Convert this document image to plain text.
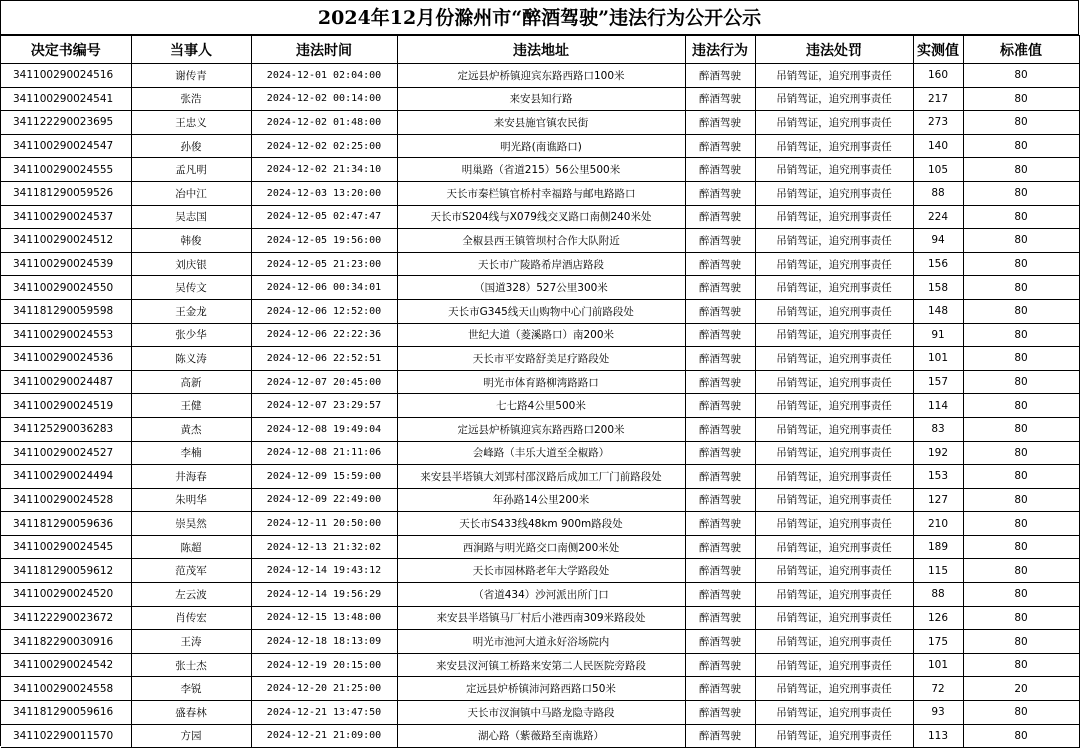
2024年12月份滁州市“醉酒驾驶”违法行为公开公示
决定书编号	当事人	违法时间	违法地址	违法行为	违法处罚	实测值	标准值
341100290024516	谢传青	2024-12-01 02:04:00	定远县炉桥镇迎宾东路西路口100米	醉酒驾驶	吊销驾证，追究刑事责任	160	80
341100290024541	张浩	2024-12-02 00:14:00	来安县知行路	醉酒驾驶	吊销驾证，追究刑事责任	217	80
341122290023695	王忠义	2024-12-02 01:48:00	来安县施官镇农民街	醉酒驾驶	吊销驾证，追究刑事责任	273	80
341100290024547	孙俊	2024-12-02 02:25:00	明光路(南谯路口)	醉酒驾驶	吊销驾证，追究刑事责任	140	80
341100290024555	孟凡明	2024-12-02 21:34:10	明巢路（省道215）56公里500米	醉酒驾驶	吊销驾证，追究刑事责任	105	80
341181290059526	冶中江	2024-12-03 13:20:00	天长市秦栏镇官桥村幸福路与邮电路路口	醉酒驾驶	吊销驾证，追究刑事责任	88	80
341100290024537	吴志国	2024-12-05 02:47:47	天长市S204线与X079线交叉路口南侧240米处	醉酒驾驶	吊销驾证，追究刑事责任	224	80
341100290024512	韩俊	2024-12-05 19:56:00	全椒县西王镇管坝村合作大队附近	醉酒驾驶	吊销驾证，追究刑事责任	94	80
341100290024539	刘庆银	2024-12-05 21:23:00	天长市广陵路希岸酒店路段	醉酒驾驶	吊销驾证，追究刑事责任	156	80
341100290024550	吴传文	2024-12-06 00:34:01	（国道328）527公里300米	醉酒驾驶	吊销驾证，追究刑事责任	158	80
341181290059598	王金龙	2024-12-06 12:52:00	天长市G345线天山购物中心门前路段处	醉酒驾驶	吊销驾证，追究刑事责任	148	80
341100290024553	张少华	2024-12-06 22:22:36	世纪大道（菱溪路口）南200米	醉酒驾驶	吊销驾证，追究刑事责任	91	80
341100290024536	陈义涛	2024-12-06 22:52:51	天长市平安路舒美足疗路段处	醉酒驾驶	吊销驾证，追究刑事责任	101	80
341100290024487	高新	2024-12-07 20:45:00	明光市体育路柳湾路路口	醉酒驾驶	吊销驾证，追究刑事责任	157	80
341100290024519	王健	2024-12-07 23:29:57	七七路4公里500米	醉酒驾驶	吊销驾证，追究刑事责任	114	80
341125290036283	黄杰	2024-12-08 19:49:04	定远县炉桥镇迎宾东路西路口200米	醉酒驾驶	吊销驾证，追究刑事责任	83	80
341100290024527	李楠	2024-12-08 21:11:06	会峰路（丰乐大道至全椒路）	醉酒驾驶	吊销驾证，追究刑事责任	192	80
341100290024494	井海春	2024-12-09 15:59:00	来安县半塔镇大刘郢村邵汊路后成加工厂门前路段处	醉酒驾驶	吊销驾证，追究刑事责任	153	80
341100290024528	朱明华	2024-12-09 22:49:00	年孙路14公里200米	醉酒驾驶	吊销驾证，追究刑事责任	127	80
341181290059636	崇昊然	2024-12-11 20:50:00	天长市S433线48km 900m路段处	醉酒驾驶	吊销驾证，追究刑事责任	210	80
341100290024545	陈超	2024-12-13 21:32:02	西涧路与明光路交口南侧200米处	醉酒驾驶	吊销驾证，追究刑事责任	189	80
341181290059612	范茂军	2024-12-14 19:43:12	天长市园林路老年大学路段处	醉酒驾驶	吊销驾证，追究刑事责任	115	80
341100290024520	左云波	2024-12-14 19:56:29	（省道434）沙河派出所门口	醉酒驾驶	吊销驾证，追究刑事责任	88	80
341122290023672	肖传宏	2024-12-15 13:48:00	来安县半塔镇马厂村后小港西南309米路段处	醉酒驾驶	吊销驾证，追究刑事责任	126	80
341182290030916	王涛	2024-12-18 18:13:09	明光市池河大道永好浴场院内	醉酒驾驶	吊销驾证，追究刑事责任	175	80
341100290024542	张士杰	2024-12-19 20:15:00	来安县汊河镇工桥路来安第二人民医院旁路段	醉酒驾驶	吊销驾证，追究刑事责任	101	80
341100290024558	李锐	2024-12-20 21:25:00	定远县炉桥镇沛河路西路口50米	醉酒驾驶	吊销驾证，追究刑事责任	72	20
341181290059616	盛春林	2024-12-21 13:47:50	天长市汊涧镇中马路龙隐寺路段	醉酒驾驶	吊销驾证，追究刑事责任	93	80
341102290011570	方园	2024-12-21 21:09:00	湖心路（紫薇路至南谯路）	醉酒驾驶	吊销驾证，追究刑事责任	113	80
